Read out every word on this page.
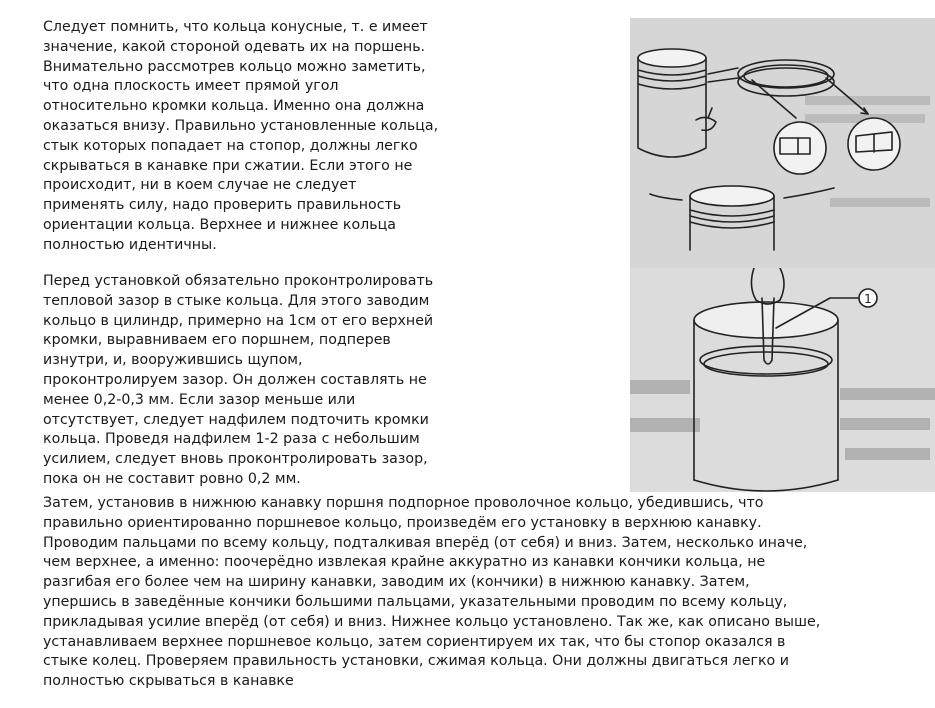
Следует помнить, что кольца конусные, т. е имеет
значение, какой стороной одевать их на поршень.
Внимательно рассмотрев кольцо можно заметить,
что одна плоскость имеет прямой угол
относительно кромки кольца. Именно она должна
оказаться внизу. Правильно установленные кольца,
стык которых попадает на стопор, должны легко
скрываться в канавке при сжатии. Если этого не
происходит, ни в коем случае не следует
применять силу, надо проверить правильность
ориентации кольца. Верхнее и нижнее кольца
полностью идентичны.
Перед установкой обязательно проконтролировать
тепловой зазор в стыке кольца. Для этого заводим
кольцо в цилиндр, примерно на 1см от его верхней
кромки, выравниваем его поршнем, подперев
изнутри, и, вооружившись щупом,
проконтролируем зазор. Он должен составлять не
менее 0,2-0,3 мм. Если зазор меньше или
отсутствует, следует надфилем подточить кромки
кольца. Проведя надфилем 1-2 раза с небольшим
усилием, следует вновь проконтролировать зазор,
пока он не составит ровно 0,2 мм.
Затем, установив в нижнюю канавку поршня подпорное проволочное кольцо, убедившись, что
правильно ориентированно поршневое кольцо, произведём его установку в верхнюю канавку.
Проводим пальцами по всему кольцу, подталкивая вперёд (от себя) и вниз. Затем, несколько иначе,
чем верхнее, а именно: поочерёдно извлекая крайне аккуратно из канавки кончики кольца, не
разгибая его более чем на ширину канавки, заводим их (кончики) в нижнюю канавку. Затем,
упершись в заведённые кончики большими пальцами, указательными проводим по всему кольцу,
прикладывая усилие вперёд (от себя) и вниз. Нижнее кольцо установлено. Так же, как описано выше,
устанавливаем верхнее поршневое кольцо, затем сориентируем их так, что бы стопор оказался в
стыке колец. Проверяем правильность установки, сжимая кольца. Они должны двигаться легко и
полностью скрываться в канавке
1
